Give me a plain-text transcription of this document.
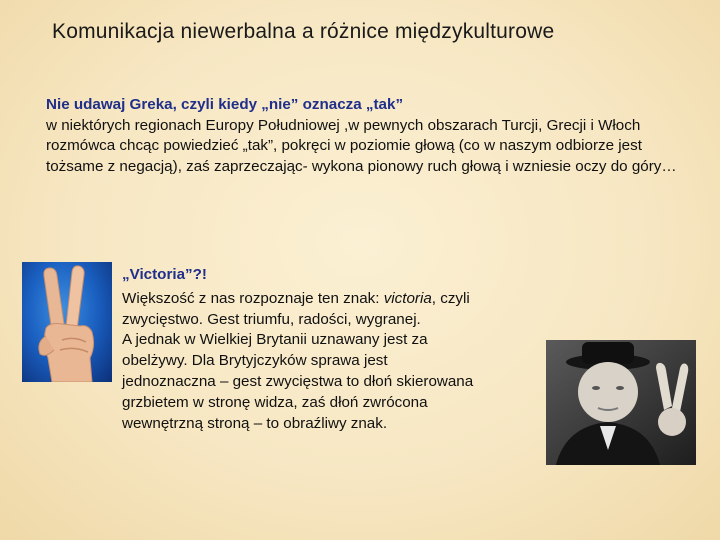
Komunikacja niewerbalna a różnice międzykulturowe
Nie udawaj Greka, czyli kiedy „nie” oznacza „tak”
w niektórych regionach Europy Południowej ,w pewnych obszarach Turcji, Grecji i Włoch rozmówca chcąc powiedzieć „tak”, pokręci w poziomie głową (co w naszym odbiorze jest tożsame z negacją), zaś zaprzeczając- wykona pionowy ruch głową i wzniesie oczy do góry…
„Victoria”?!
Większość z nas rozpoznaje ten znak: victoria, czyli
zwycięstwo. Gest triumfu, radości, wygranej.
A jednak w Wielkiej Brytanii uznawany jest za
obelżywy. Dla Brytyjczyków sprawa jest
jednoznaczna – gest zwycięstwa to dłoń skierowana
grzbietem w stronę widza, zaś dłoń zwrócona
wewnętrzną stroną – to obraźliwy znak.
